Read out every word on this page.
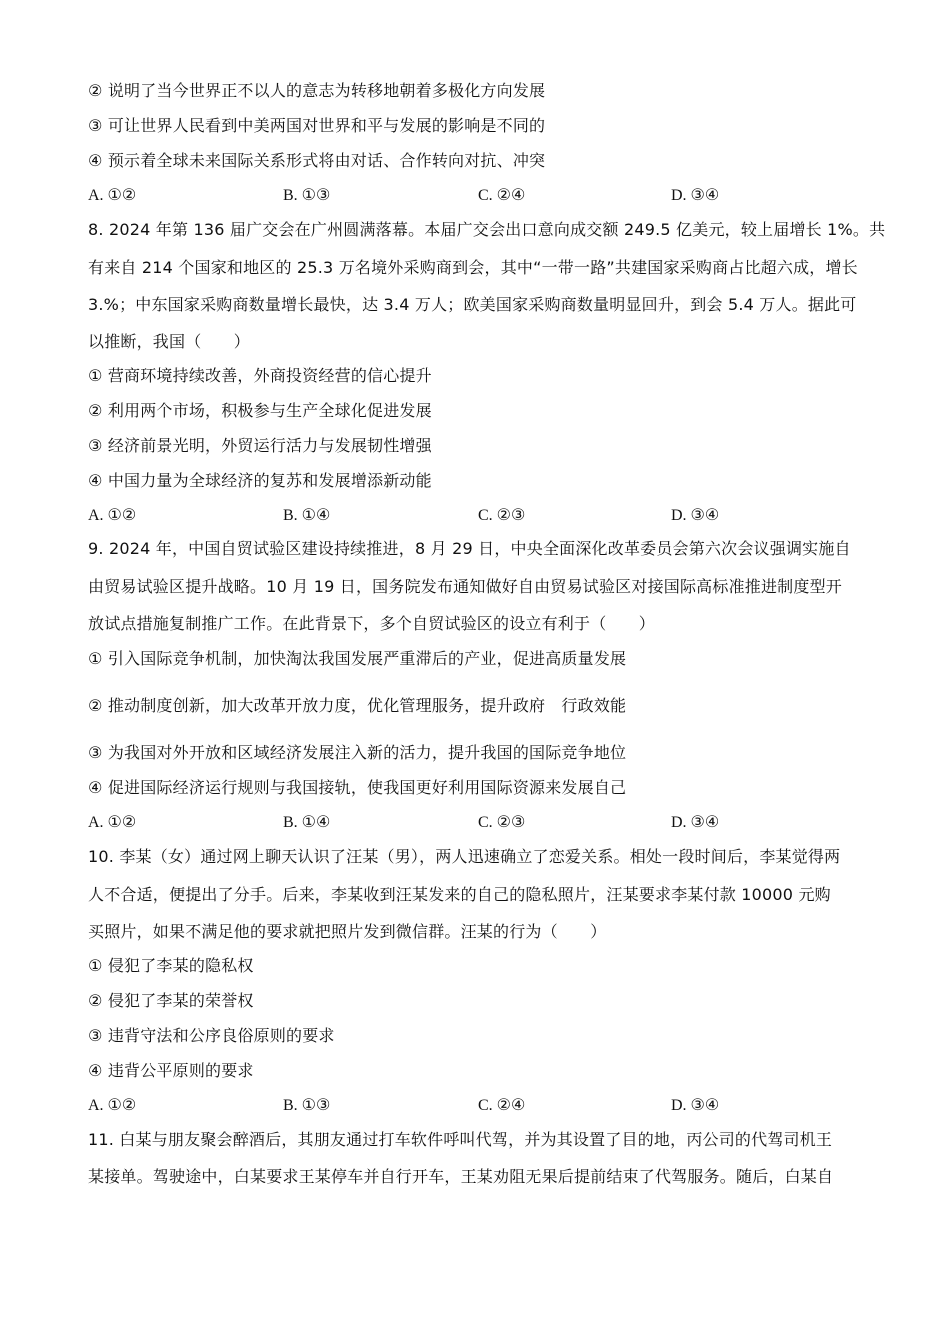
② 说明了当今世界正不以人的意志为转移地朝着多极化方向发展
③ 可让世界人民看到中美两国对世界和平与发展的影响是不同的
④ 预示着全球未来国际关系形式将由对话、合作转向对抗、冲突
A. ①②	B. ①③	C. ②④	D. ③④
8. 2024 年第 136 届广交会在广州圆满落幕。本届广交会出口意向成交额 249.5 亿美元，较上届增长 1%。共
有来自 214 个国家和地区的 25.3 万名境外采购商到会，其中“一带一路”共建国家采购商占比超六成，增长
3.%；中东国家采购商数量增长最快，达 3.4 万人；欧美国家采购商数量明显回升，到会 5.4 万人。据此可
以推断，我国（　　）
① 营商环境持续改善，外商投资经营的信心提升
② 利用两个市场，积极参与生产全球化促进发展
③ 经济前景光明，外贸运行活力与发展韧性增强
④ 中国力量为全球经济的复苏和发展增添新动能
A. ①②	B. ①④	C. ②③	D. ③④
9. 2024 年，中国自贸试验区建设持续推进，8 月 29 日，中央全面深化改革委员会第六次会议强调实施自
由贸易试验区提升战略。10 月 19 日，国务院发布通知做好自由贸易试验区对接国际高标准推进制度型开
放试点措施复制推广工作。在此背景下，多个自贸试验区的设立有利于（　　）
① 引入国际竞争机制，加快淘汰我国发展严重滞后的产业，促进高质量发展
② 推动制度创新，加大改革开放力度，优化管理服务，提升政府　行政效能
③ 为我国对外开放和区域经济发展注入新的活力，提升我国的国际竞争地位
④ 促进国际经济运行规则与我国接轨，使我国更好利用国际资源来发展自己
A. ①②	B. ①④	C. ②③	D. ③④
10. 李某（女）通过网上聊天认识了汪某（男），两人迅速确立了恋爱关系。相处一段时间后，李某觉得两
人不合适，便提出了分手。后来，李某收到汪某发来的自己的隐私照片，汪某要求李某付款 10000 元购
买照片，如果不满足他的要求就把照片发到微信群。汪某的行为（　　）
① 侵犯了李某的隐私权
② 侵犯了李某的荣誉权
③ 违背守法和公序良俗原则的要求
④ 违背公平原则的要求
A. ①②	B. ①③	C. ②④	D. ③④
11. 白某与朋友聚会醉酒后，其朋友通过打车软件呼叫代驾，并为其设置了目的地，丙公司的代驾司机王
某接单。驾驶途中，白某要求王某停车并自行开车，王某劝阻无果后提前结束了代驾服务。随后，白某自
